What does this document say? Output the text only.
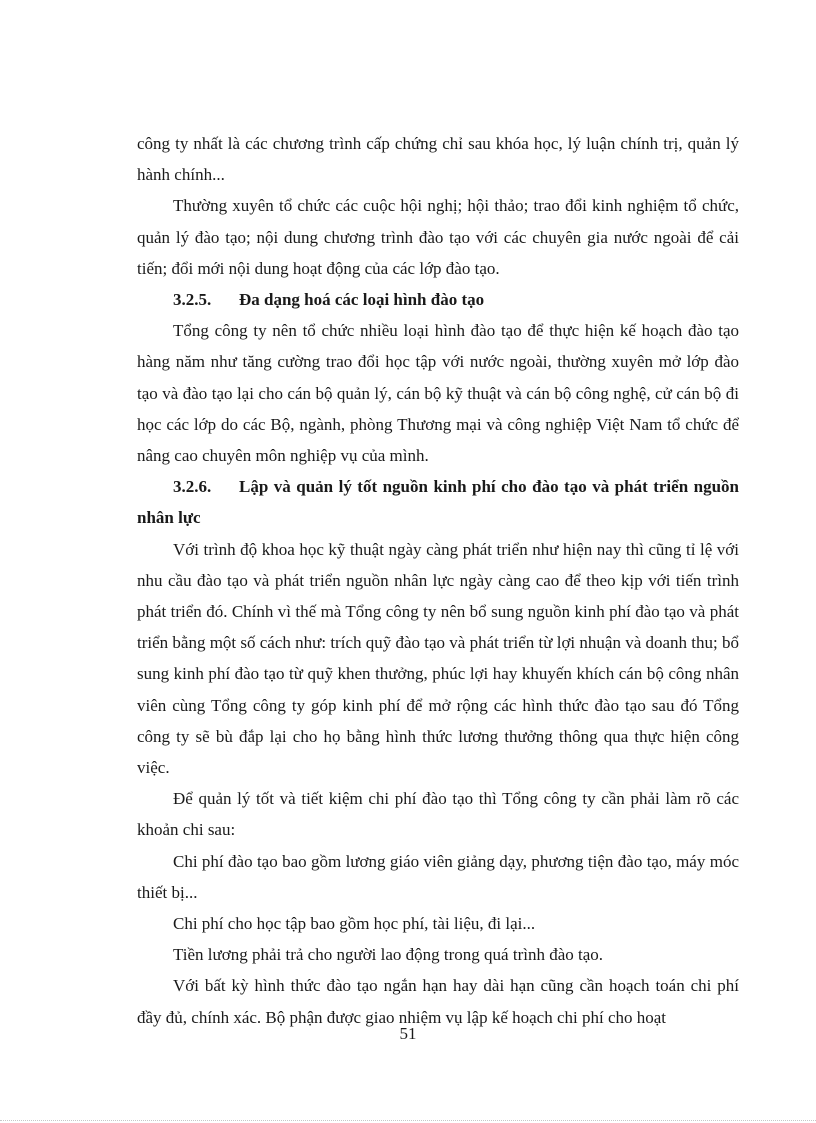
công ty nhất là các chương trình cấp chứng chỉ sau khóa học, lý luận chính trị, quản lý hành chính...

Thường xuyên tổ chức các cuộc hội nghị; hội thảo; trao đổi kinh nghiệm tổ chức, quản lý đào tạo; nội dung chương trình đào tạo với các chuyên gia nước ngoài để cải tiến; đổi mới nội dung hoạt động của các lớp đào tạo.

3.2.5. Đa dạng hoá các loại hình đào tạo

Tổng công ty nên tổ chức nhiều loại hình đào tạo để thực hiện kế hoạch đào tạo hàng năm như tăng cường trao đổi học tập với nước ngoài, thường xuyên mở lớp đào tạo và đào tạo lại cho cán bộ quản lý, cán bộ kỹ thuật và cán bộ công nghệ, cử cán bộ đi học các lớp do các Bộ, ngành, phòng Thương mại và công nghiệp Việt Nam tổ chức để nâng cao chuyên môn nghiệp vụ của mình.

3.2.6. Lập và quản lý tốt nguồn kinh phí cho đào tạo và phát triển nguồn nhân lực

Với trình độ khoa học kỹ thuật ngày càng phát triển như hiện nay thì cũng tỉ lệ với nhu cầu đào tạo và phát triển nguồn nhân lực ngày càng cao để theo kịp với tiến trình phát triển đó. Chính vì thế mà Tổng công ty nên bổ sung nguồn kinh phí đào tạo và phát triển bằng một số cách như: trích quỹ đào tạo và phát triển từ lợi nhuận và doanh thu; bổ sung kinh phí đào tạo từ quỹ khen thưởng, phúc lợi hay khuyến khích cán bộ công nhân viên cùng Tổng công ty góp kinh phí để mở rộng các hình thức đào tạo sau đó Tổng công ty sẽ bù đắp lại cho họ bằng hình thức lương thưởng thông qua thực hiện công việc.

Để quản lý tốt và tiết kiệm chi phí đào tạo thì Tổng công ty cần phải làm rõ các khoản chi sau:

Chi phí đào tạo bao gồm lương giáo viên giảng dạy, phương tiện đào tạo, máy móc thiết bị...

Chi phí cho học tập bao gồm học phí, tài liệu, đi lại...

Tiền lương phải trả cho người lao động trong quá trình đào tạo.

Với bất kỳ hình thức đào tạo ngắn hạn hay dài hạn cũng cần hoạch toán chi phí đầy đủ, chính xác. Bộ phận được giao nhiệm vụ lập kế hoạch chi phí cho hoạt

51
